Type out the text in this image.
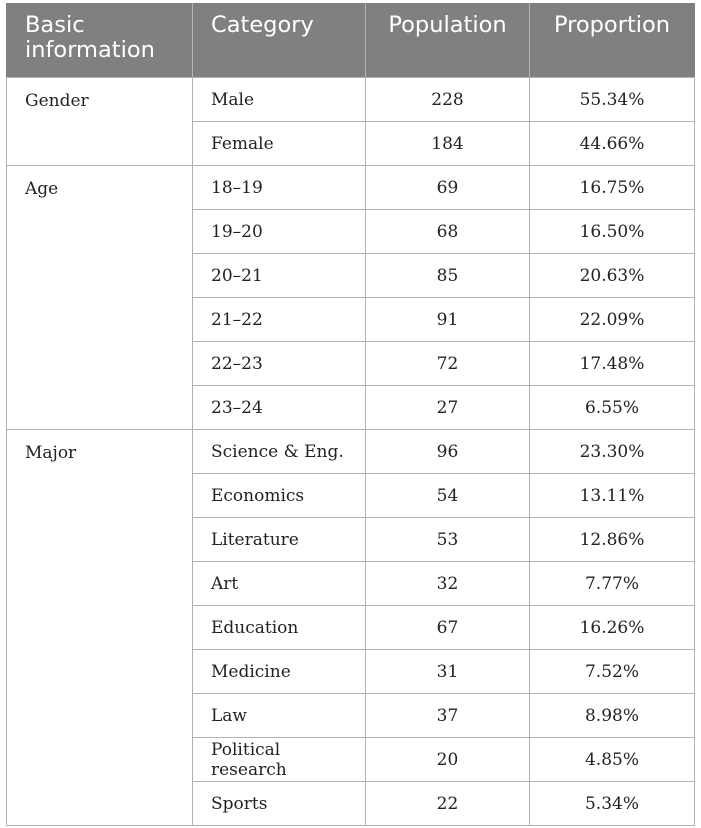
Basic information	Category	Population	Proportion
Gender	Male	228	55.34%
	Female	184	44.66%
Age	18–19	69	16.75%
	19–20	68	16.50%
	20–21	85	20.63%
	21–22	91	22.09%
	22–23	72	17.48%
	23–24	27	6.55%
Major	Science & Eng.	96	23.30%
	Economics	54	13.11%
	Literature	53	12.86%
	Art	32	7.77%
	Education	67	16.26%
	Medicine	31	7.52%
	Law	37	8.98%
	Political research	20	4.85%
	Sports	22	5.34%
